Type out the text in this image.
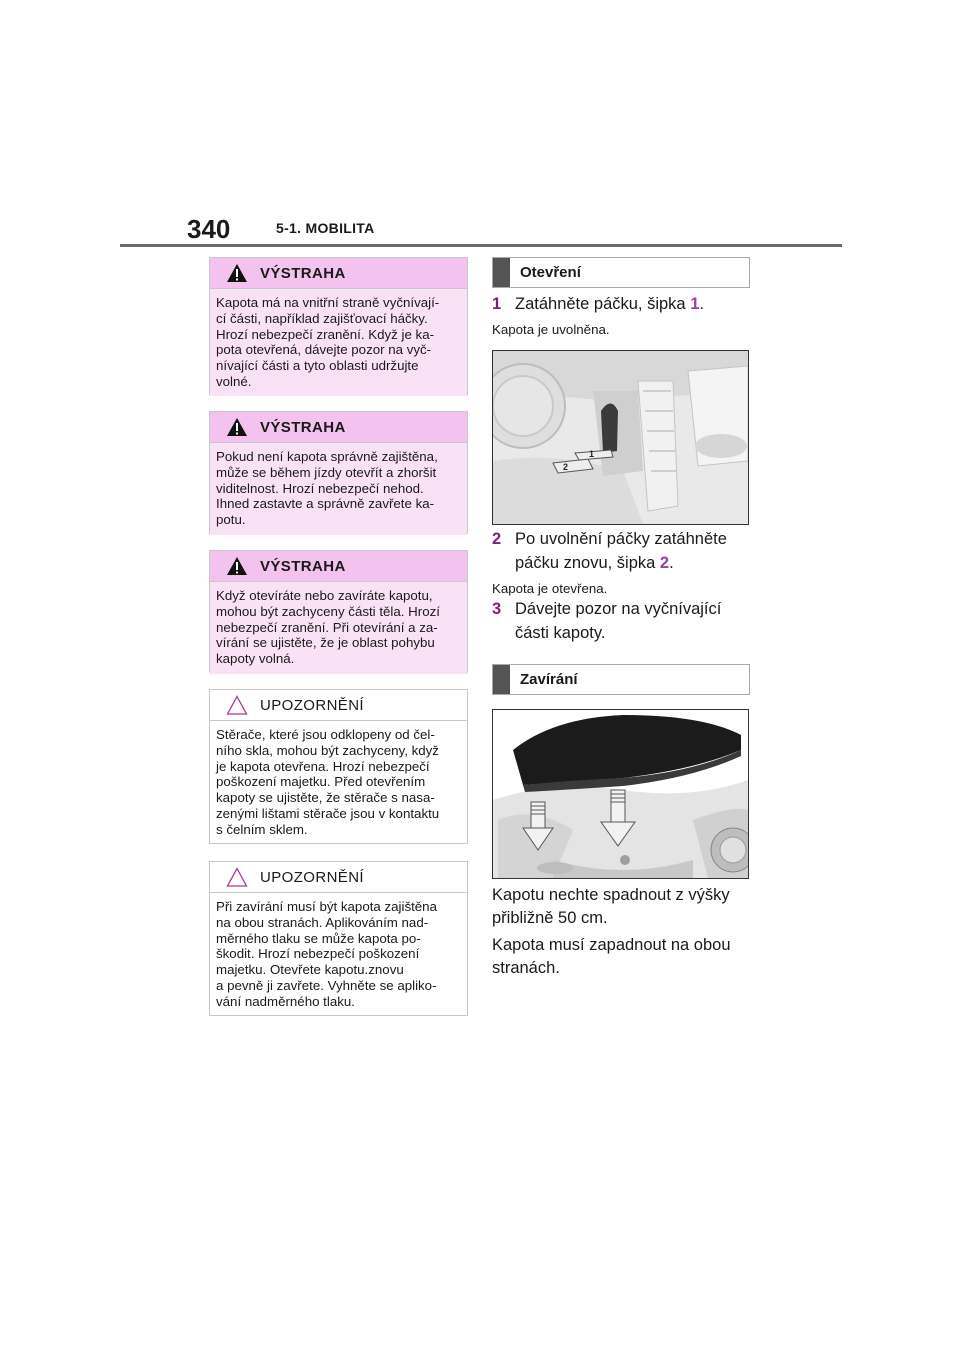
340	5-1. MOBILITA
VÝSTRAHA
Kapota má na vnitřní straně vyčnívají-
cí části, například zajišťovací háčky.
Hrozí nebezpečí zranění. Když je ka-
pota otevřená, dávejte pozor na vyč-
nívající části a tyto oblasti udržujte
volné.
VÝSTRAHA
Pokud není kapota správně zajištěna,
může se během jízdy otevřít a zhoršit
viditelnost. Hrozí nebezpečí nehod.
Ihned zastavte a správně zavřete ka-
potu.
VÝSTRAHA
Když otevíráte nebo zavíráte kapotu,
mohou být zachyceny části těla. Hrozí
nebezpečí zranění. Při otevírání a za-
vírání se ujistěte, že je oblast pohybu
kapoty volná.
UPOZORNĚNÍ
Stěrače, které jsou odklopeny od čel-
ního skla, mohou být zachyceny, když
je kapota otevřena. Hrozí nebezpečí
poškození majetku. Před otevřením
kapoty se ujistěte, že stěrače s nasa-
zenými lištami stěrače jsou v kontaktu
s čelním sklem.
UPOZORNĚNÍ
Při zavírání musí být kapota zajištěna
na obou stranách. Aplikováním nad-
měrného tlaku se může kapota po-
škodit. Hrozí nebezpečí poškození
majetku. Otevřete kapotu.znovu
a pevně ji zavřete. Vyhněte se apliko-
vání nadměrného tlaku.
Otevření
1 Zatáhněte páčku, šipka 1.
Kapota je uvolněna.
2
1
2 Po uvolnění páčky zatáhněte
páčku znovu, šipka 2.
Kapota je otevřena.
3 Dávejte pozor na vyčnívající
části kapoty.
Zavírání
Kapotu nechte spadnout z výšky
přibližně 50 cm.
Kapota musí zapadnout na obou
stranách.
